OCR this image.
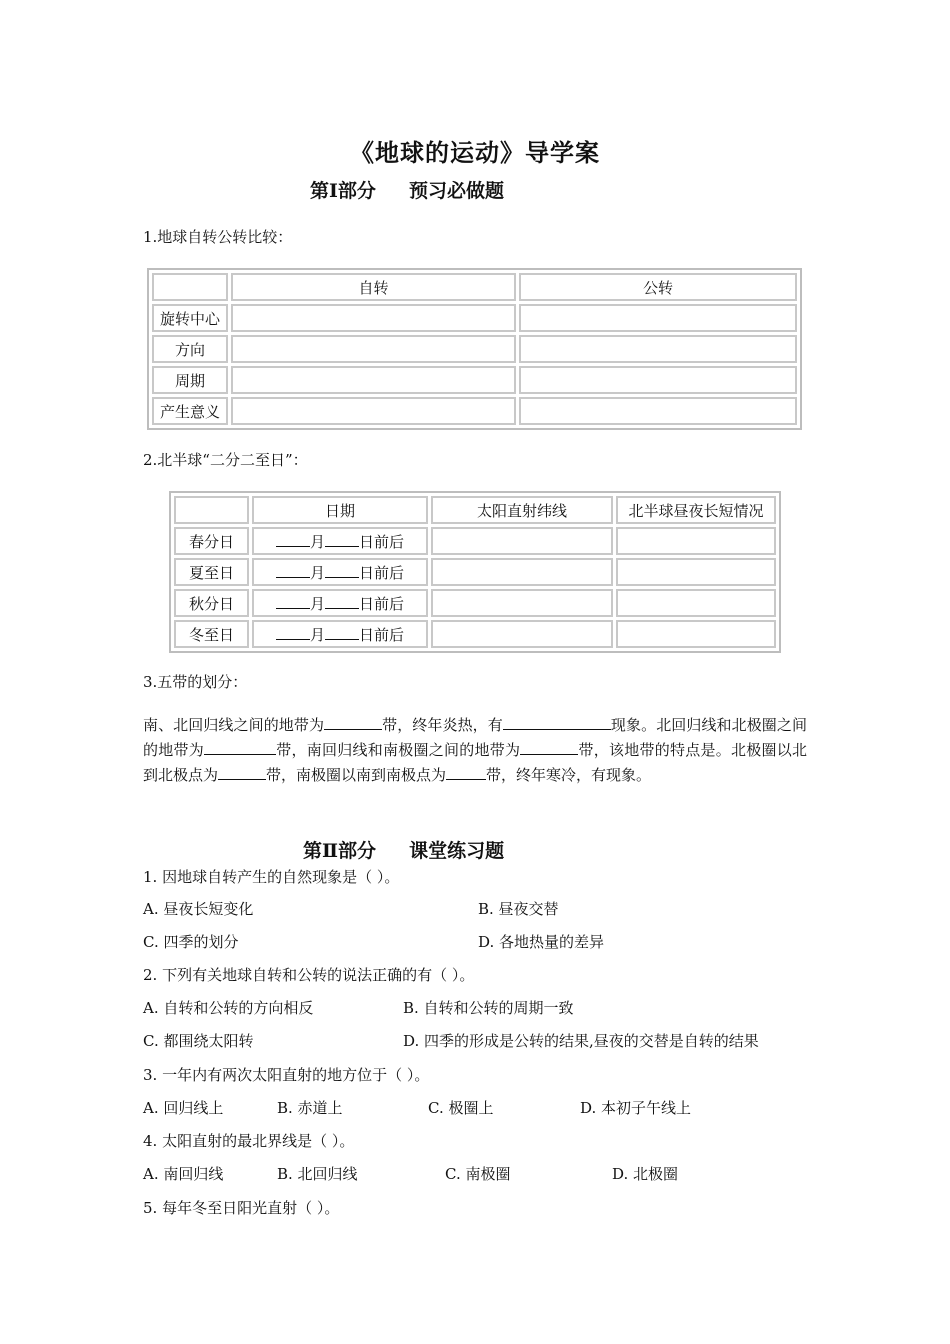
《地球的运动》导学案
第Ⅰ部分     预习必做题
1.地球自转公转比较：
	自转	公转
旋转中心		
方向		
周期		
产生意义		
2.北半球“二分二至日”：
	日期	太阳直射纬线	北半球昼夜长短情况
春分日	月 日前后		
夏至日	月 日前后		
秋分日	月 日前后		
冬至日	月 日前后		
3.五带的划分：
南、北回归线之间的地带为	带，终年炎热，有	现象。北回归线和北极圈之间的地带为	带，南回归线和南极圈之间的地带为	带，该地带的特点是。北极圈以北到北极点为	带，南极圈以南到南极点为	带，终年寒冷，有现象。
第Ⅱ部分     课堂练习题
1. 因地球自转产生的自然现象是（ ）。
A. 昼夜长短变化	B. 昼夜交替
C. 四季的划分	D. 各地热量的差异
2. 下列有关地球自转和公转的说法正确的有（ ）。
A. 自转和公转的方向相反	B. 自转和公转的周期一致
C. 都围绕太阳转	D. 四季的形成是公转的结果,昼夜的交替是自转的结果
3. 一年内有两次太阳直射的地方位于（ ）。
A. 回归线上	B. 赤道上	C. 极圈上	D. 本初子午线上
4. 太阳直射的最北界线是（ ）。
A. 南回归线	B. 北回归线	C. 南极圈	D. 北极圈
5. 每年冬至日阳光直射（ ）。
